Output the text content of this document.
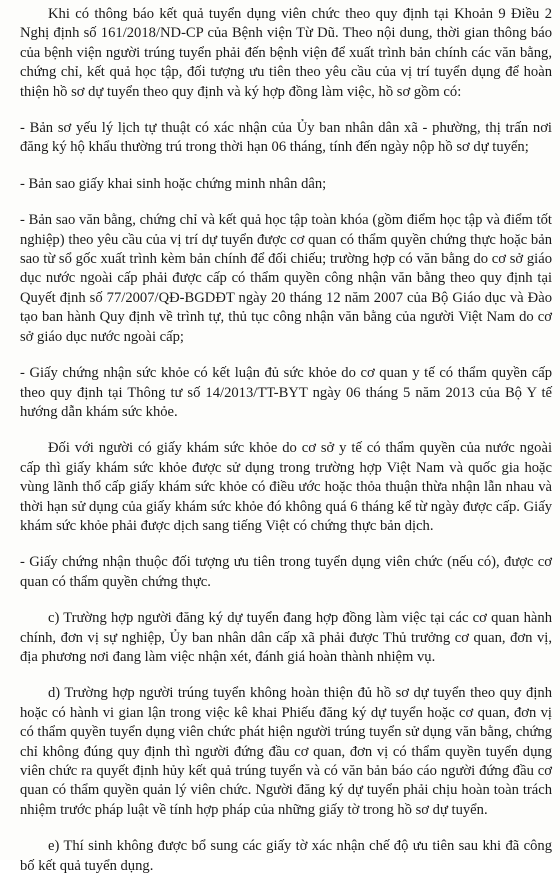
Khi có thông báo kết quả tuyển dụng viên chức theo quy định tại Khoản 9 Điều 2 Nghị định số 161/2018/ND-CP của Bệnh viện Từ Dũ. Theo nội dung, thời gian thông báo của bệnh viện người trúng tuyển phải đến bệnh viện để xuất trình bản chính các văn bằng, chứng chỉ, kết quả học tập, đối tượng ưu tiên theo yêu cầu của vị trí tuyển dụng để hoàn thiện hồ sơ dự tuyển theo quy định và ký hợp đồng làm việc, hồ sơ gồm có:

- Bản sơ yếu lý lịch tự thuật có xác nhận của Ủy ban nhân dân xã - phường, thị trấn nơi đăng ký hộ khẩu thường trú trong thời hạn 06 tháng, tính đến ngày nộp hồ sơ dự tuyển;

- Bản sao giấy khai sinh hoặc chứng minh nhân dân;

- Bản sao văn bằng, chứng chỉ và kết quả học tập toàn khóa (gồm điểm học tập và điểm tốt nghiệp) theo yêu cầu của vị trí dự tuyển được cơ quan có thẩm quyền chứng thực hoặc bản sao từ sổ gốc xuất trình kèm bản chính để đối chiếu; trường hợp có văn bằng do cơ sở giáo dục nước ngoài cấp phải được cấp có thẩm quyền công nhận văn bằng theo quy định tại Quyết định số 77/2007/QĐ-BGDĐT ngày 20 tháng 12 năm 2007 của Bộ Giáo dục và Đào tạo ban hành Quy định về trình tự, thủ tục công nhận văn bằng của người Việt Nam do cơ sở giáo dục nước ngoài cấp;

- Giấy chứng nhận sức khỏe có kết luận đủ sức khỏe do cơ quan y tế có thẩm quyền cấp theo quy định tại Thông tư số 14/2013/TT-BYT ngày 06 tháng 5 năm 2013 của Bộ Y tế hướng dẫn khám sức khỏe.

Đối với người có giấy khám sức khỏe do cơ sở y tế có thẩm quyền của nước ngoài cấp thì giấy khám sức khỏe được sử dụng trong trường hợp Việt Nam và quốc gia hoặc vùng lãnh thổ cấp giấy khám sức khỏe có điều ước hoặc thỏa thuận thừa nhận lẫn nhau và thời hạn sử dụng của giấy khám sức khỏe đó không quá 6 tháng kể từ ngày được cấp. Giấy khám sức khỏe phải được dịch sang tiếng Việt có chứng thực bản dịch.

- Giấy chứng nhận thuộc đối tượng ưu tiên trong tuyển dụng viên chức (nếu có), được cơ quan có thẩm quyền chứng thực.

c) Trường hợp người đăng ký dự tuyển đang hợp đồng làm việc tại các cơ quan hành chính, đơn vị sự nghiệp, Ủy ban nhân dân cấp xã phải được Thủ trưởng cơ quan, đơn vị, địa phương nơi đang làm việc nhận xét, đánh giá hoàn thành nhiệm vụ.

d) Trường hợp người trúng tuyển không hoàn thiện đủ hồ sơ dự tuyển theo quy định hoặc có hành vi gian lận trong việc kê khai Phiếu đăng ký dự tuyển hoặc cơ quan, đơn vị có thẩm quyền tuyển dụng viên chức phát hiện người trúng tuyển sử dụng văn bằng, chứng chỉ không đúng quy định thì người đứng đầu cơ quan, đơn vị có thẩm quyền tuyển dụng viên chức ra quyết định hủy kết quả trúng tuyển và có văn bản báo cáo người đứng đầu cơ quan có thẩm quyền quản lý viên chức. Người đăng ký dự tuyển phải chịu hoàn toàn trách nhiệm trước pháp luật về tính hợp pháp của những giấy tờ trong hồ sơ dự tuyển.

e) Thí sinh không được bổ sung các giấy tờ xác nhận chế độ ưu tiên sau khi đã công bố kết quả tuyển dụng.
